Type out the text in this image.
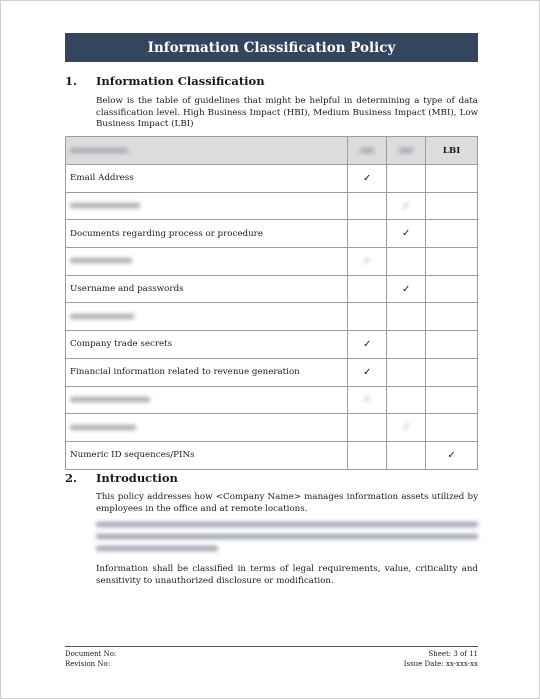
Information Classification Policy
1.	Information Classification
Below is the table of guidelines that might be helpful in determining a type of data classification level. High Business Impact (HBI), Medium Business Impact (MBI), Low Business Impact (LBI)
			LBI
Email Address	✓		
		✓	
Documents regarding process or procedure		✓	
	✓		
Username and passwords		✓	

Company trade secrets	✓		
Financial information related to revenue generation	✓		
	✓		
		✓	
Numeric ID sequences/PINs			✓
2.	Introduction
This policy addresses how <Company Name> manages information assets utilized by employees in the office and at remote locations.
Information shall be classified in terms of legal requirements, value, criticality and sensitivity to unauthorized disclosure or modification.
Document No:
Revision No:
Sheet: 3 of 11
Issue Date: xx-xxx-xx
